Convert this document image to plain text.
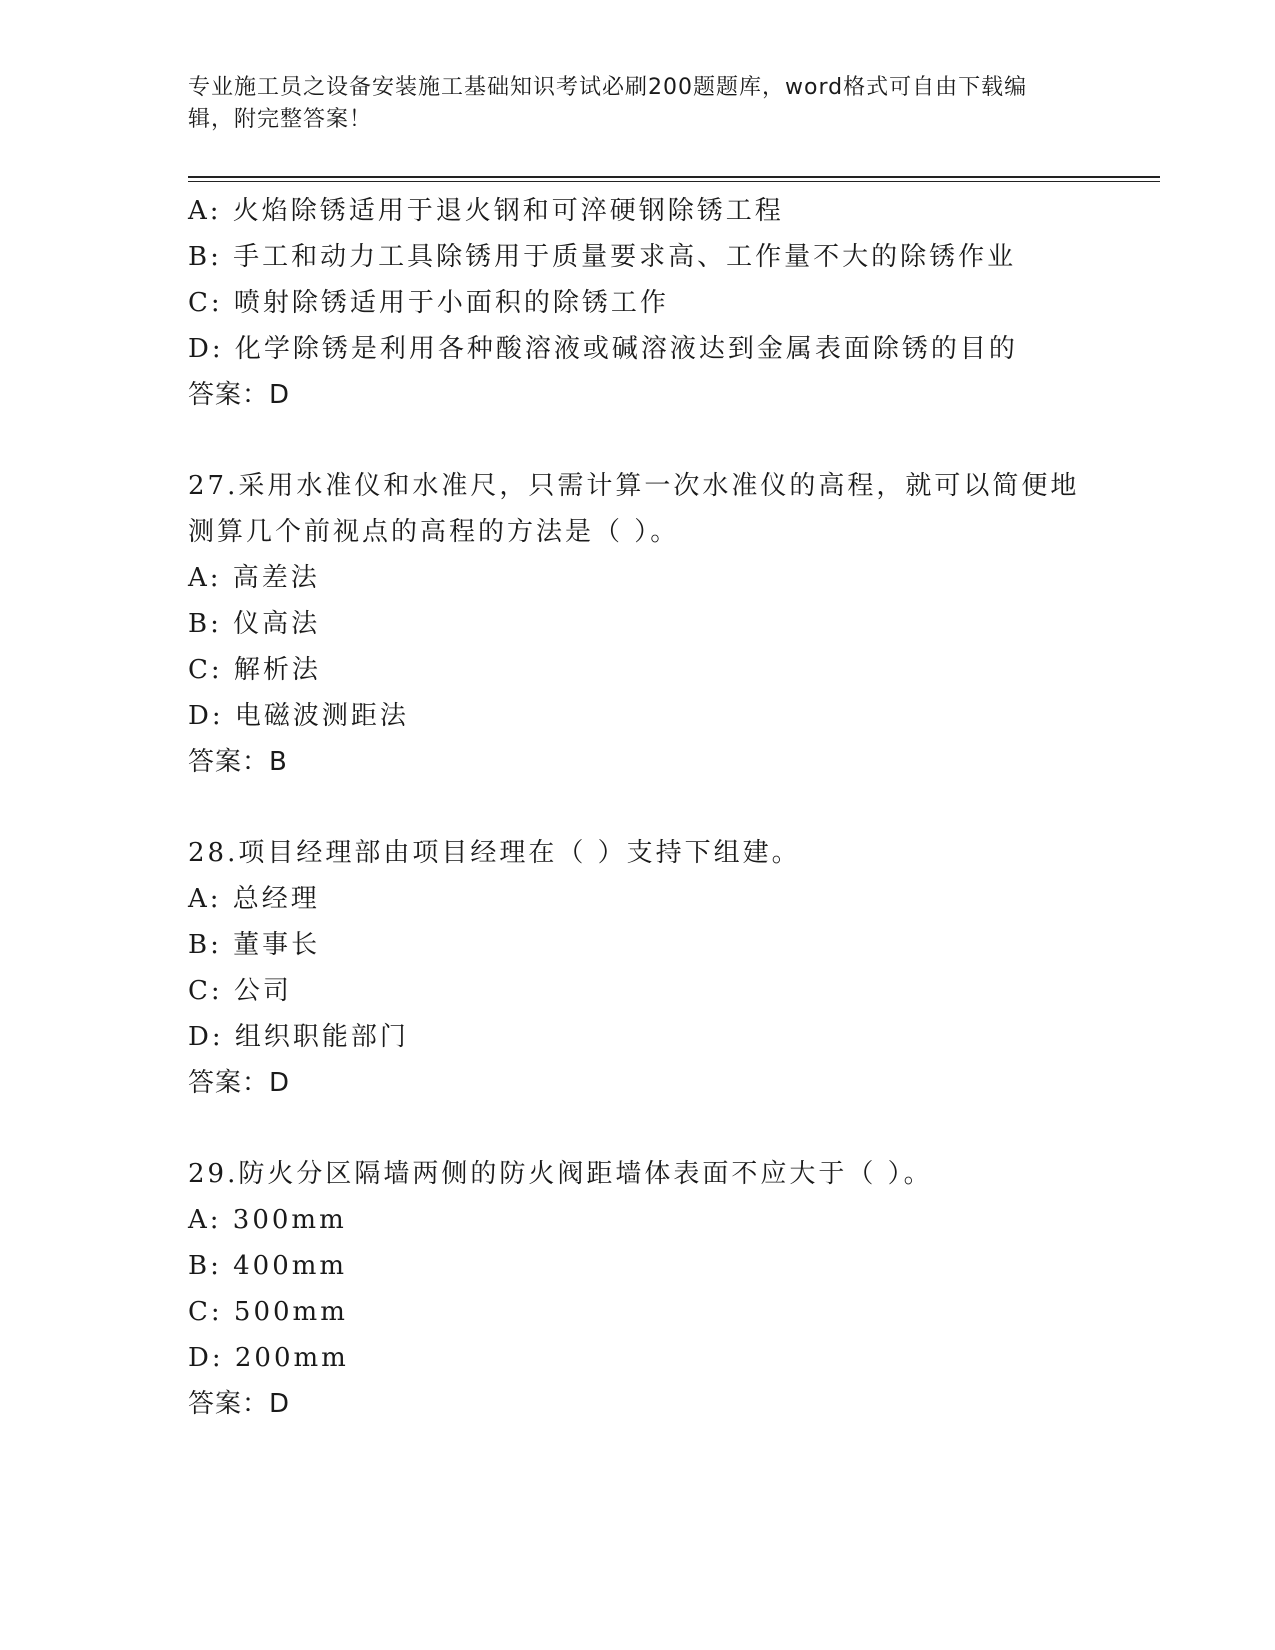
专业施工员之设备安装施工基础知识考试必刷200题题库，word格式可自由下载编辑，附完整答案！
A: 火焰除锈适用于退火钢和可淬硬钢除锈工程
B: 手工和动力工具除锈用于质量要求高、工作量不大的除锈作业
C: 喷射除锈适用于小面积的除锈工作
D: 化学除锈是利用各种酸溶液或碱溶液达到金属表面除锈的目的
答案：D
27.采用水准仪和水准尺，只需计算一次水准仪的高程，就可以简便地测算几个前视点的高程的方法是（ ）。
A: 高差法
B: 仪高法
C: 解析法
D: 电磁波测距法
答案：B
28.项目经理部由项目经理在（ ）支持下组建。
A: 总经理
B: 董事长
C: 公司
D: 组织职能部门
答案：D
29.防火分区隔墙两侧的防火阀距墙体表面不应大于（ ）。
A: 300mm
B: 400mm
C: 500mm
D: 200mm
答案：D
